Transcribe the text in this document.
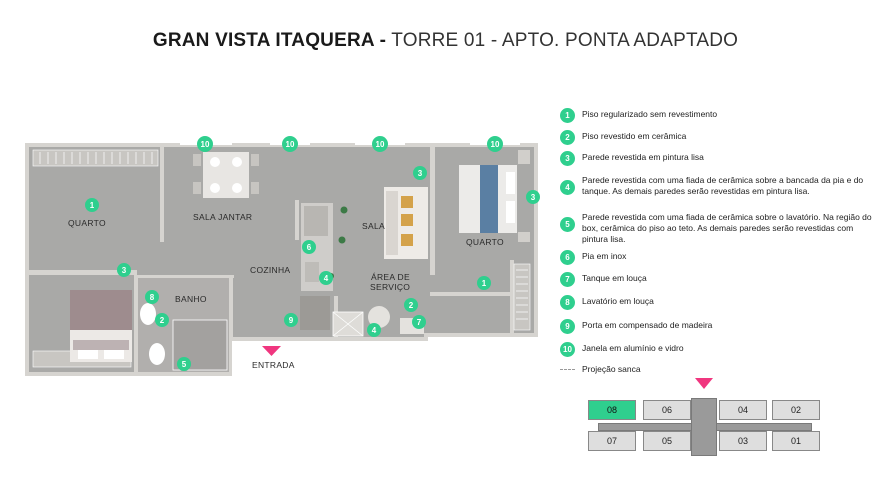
GRAN VISTA ITAQUERA - TORRE 01 - APTO. PONTA ADAPTADO
QUARTO
SALA JANTAR
SALA
QUARTO
COZINHA
ÁREA DE
SERVIÇO
BANHO
ENTRADA
10	10	10	10
1
1
3
3
3
6
4
4
8
2
2
9	7
5
1	Piso regularizado sem revestimento
2	Piso revestido em cerâmica
3	Parede revestida em pintura lisa
4
Parede revestida com uma fiada de cerâmica sobre a bancada da pia e do tanque. As demais paredes serão revestidas em pintura lisa.
5
Parede revestida com uma fiada de cerâmica sobre o lavatório. Na região do box, cerâmica do piso ao teto. As demais paredes serão revestidas com pintura lisa.
6	Pia em inox
7	Tanque em louça
8	Lavatório em louça
9	Porta em compensado de madeira
10	Janela em alumínio e vidro
Projeção sanca
08	06	04	02
07	05	03	01
